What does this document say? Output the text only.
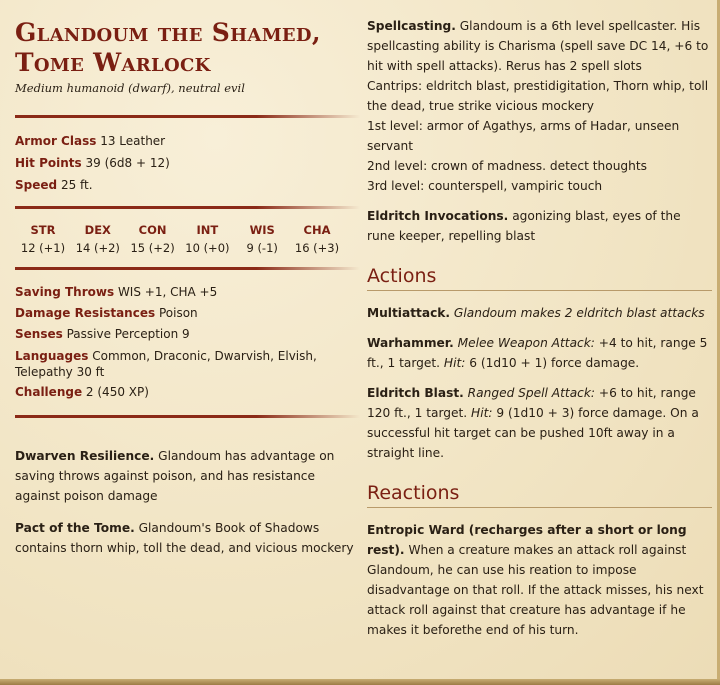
Glandoum the Shamed,
Tome Warlock
Medium humanoid (dwarf), neutral evil
Armor Class 13 Leather
Hit Points 39 (6d8 + 12)
Speed 25 ft.
STR
12 (+1)
DEX
14 (+2)
CON
15 (+2)
INT
10 (+0)
WIS
9 (-1)
CHA
16 (+3)
Saving Throws WIS +1, CHA +5
Damage Resistances Poison
Senses Passive Perception 9
Languages Common, Draconic, Dwarvish, Elvish, Telepathy 30 ft
Challenge 2 (450 XP)
Dwarven Resilience. Glandoum has advantage on saving throws against poison, and has resistance against poison damage
Pact of the Tome. Glandoum's Book of Shadows contains thorn whip, toll the dead, and vicious mockery
Spellcasting. Glandoum is a 6th level spellcaster. His spellcasting ability is Charisma (spell save DC 14, +6 to hit with spell attacks). Rerus has 2 spell slots
Cantrips: eldritch blast, prestidigitation, Thorn whip, toll the dead, true strike vicious mockery
1st level: armor of Agathys, arms of Hadar, unseen servant
2nd level: crown of madness. detect thoughts
3rd level: counterspell, vampiric touch
Eldritch Invocations. agonizing blast, eyes of the rune keeper, repelling blast
Actions
Multiattack. Glandoum makes 2 eldritch blast attacks
Warhammer. Melee Weapon Attack: +4 to hit, range 5 ft., 1 target. Hit: 6 (1d10 + 1) force damage.
Eldritch Blast. Ranged Spell Attack: +6 to hit, range 120 ft., 1 target. Hit: 9 (1d10 + 3) force damage. On a successful hit target can be pushed 10ft away in a straight line.
Reactions
Entropic Ward (recharges after a short or long rest). When a creature makes an attack roll against Glandoum, he can use his reation to impose disadvantage on that roll. If the attack misses, his next attack roll against that creature has advantage if he makes it beforethe end of his turn.
